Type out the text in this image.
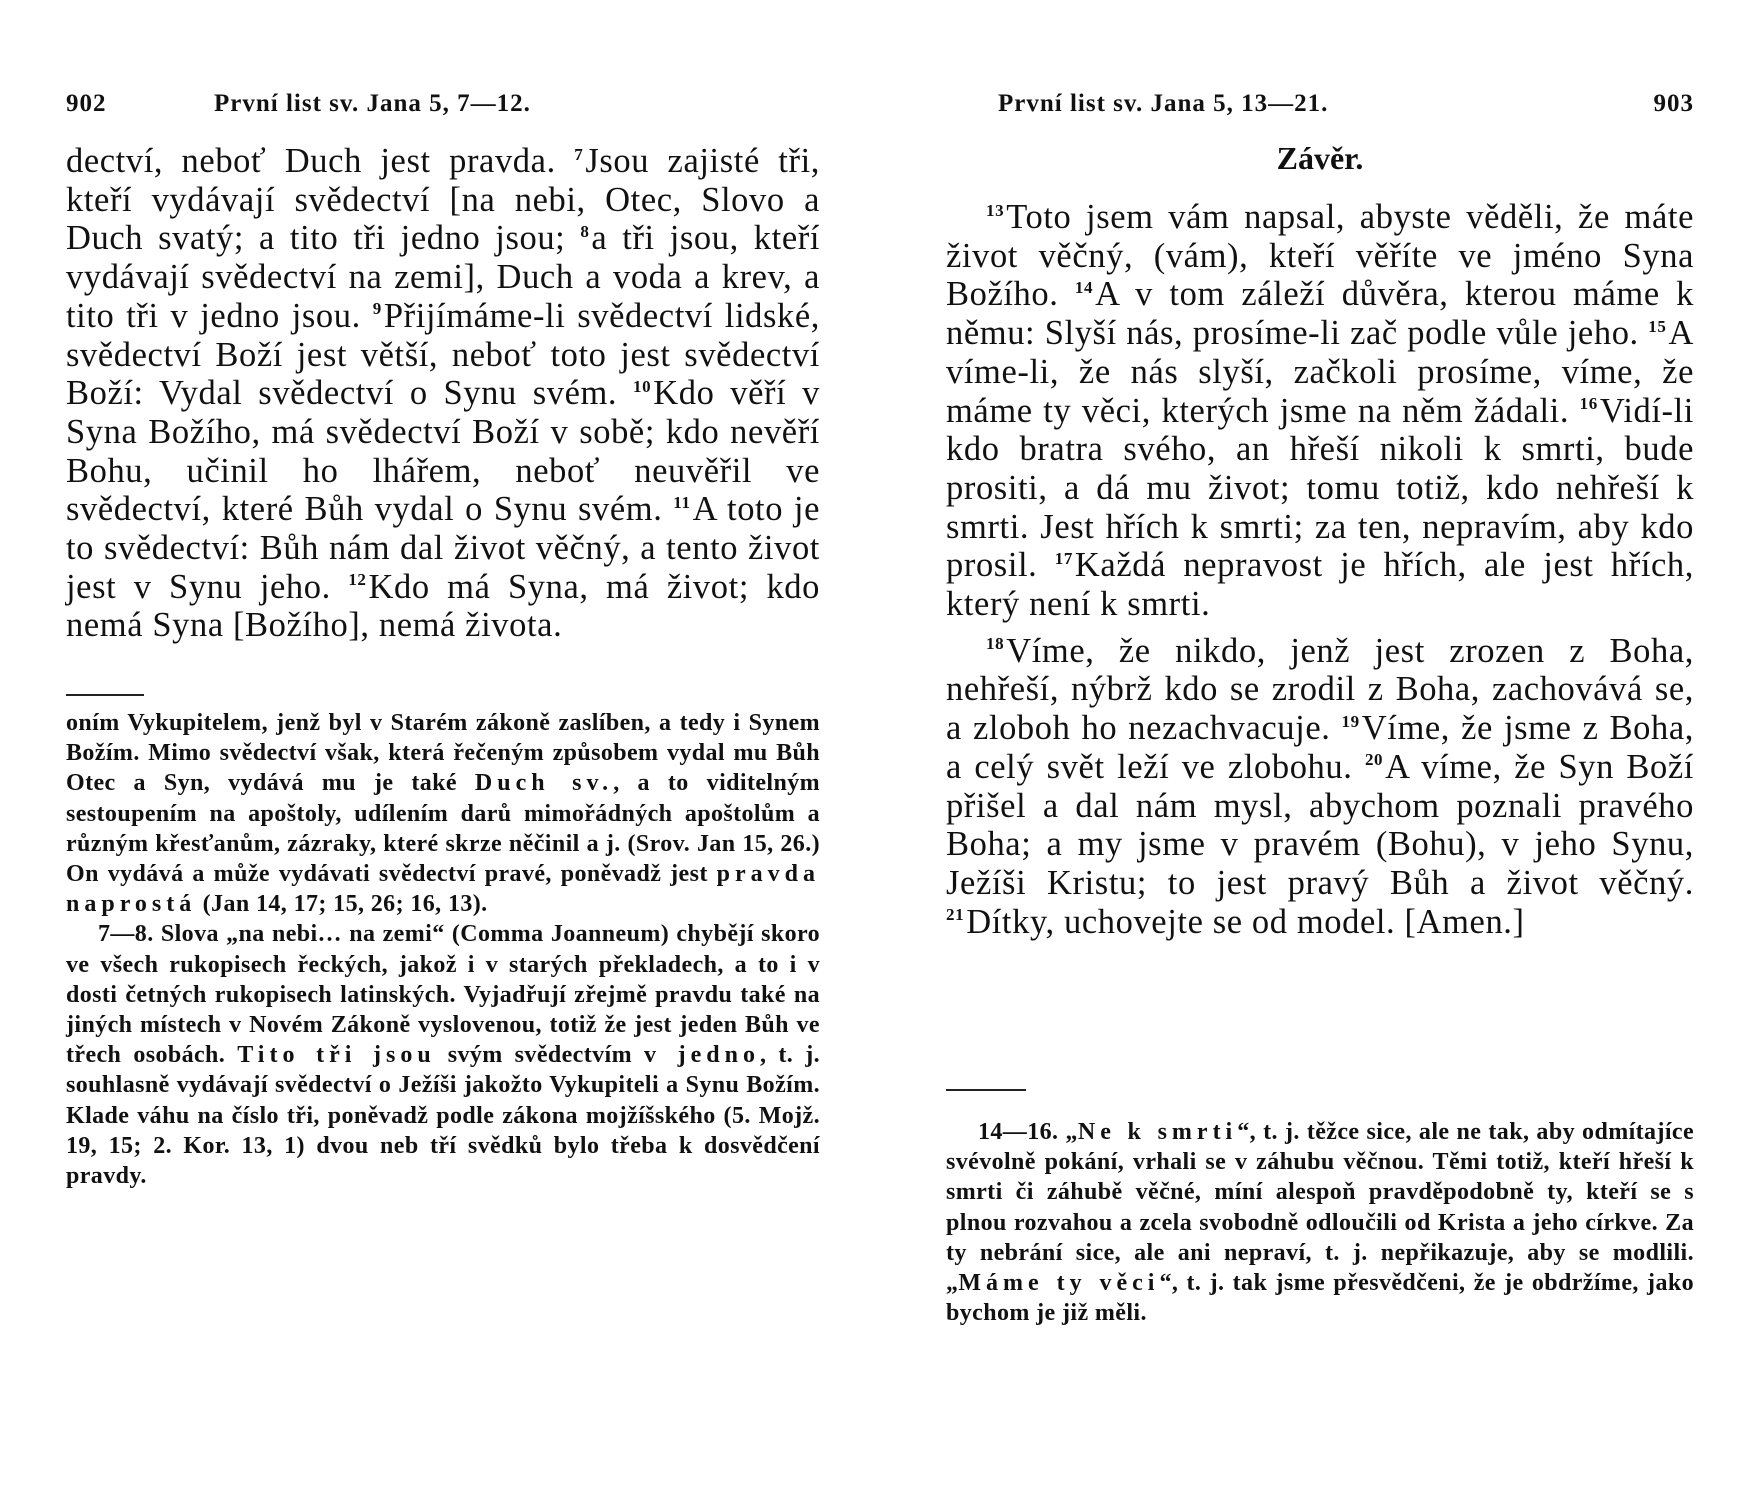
902	První list sv. Jana 5, 7—12.

dectví, neboť Duch jest pravda. $^7$Jsou zajisté tři, kteří vydávají svědectví [na nebi, Otec, Slovo a Duch svatý; a tito tři jedno jsou; $^8$a tři jsou, kteří vydávají svědectví na zemi], Duch a voda a krev, a tito tři v jedno jsou. $^9$Přijímáme-li svědectví lidské, svědectví Boží jest větší, neboť toto jest svědectví Boží: Vydal svědectví o Synu svém. $^{10}$Kdo věří v Syna Božího, má svědectví Boží v sobě; kdo nevěří Bohu, učinil ho lhářem, neboť neuvěřil ve svědectví, které Bůh vydal o Synu svém. $^{11}$A toto je to svědectví: Bůh nám dal život věčný, a tento život jest v Synu jeho. $^{12}$Kdo má Syna, má život; kdo nemá Syna [Božího], nemá života.

oním Vykupitelem, jenž byl v Starém zákoně zaslíben, a tedy i Synem Božím. Mimo svědectví však, která řečeným způsobem vydal mu Bůh Otec a Syn, vydává mu je také Duch sv., a to viditelným sestoupením na apoštoly, udílením darů mimořádných apoštolům a různým křesťanům, zázraky, které skrze něčinil a j. (Srov. Jan 15, 26.) On vydává a může vydávati svědectví pravé, poněvadž jest pravda naprostá (Jan 14, 17; 15, 26; 16, 13).

7—8. Slova „na nebi… na zemi“ (Comma Joanneum) chybějí skoro ve všech rukopisech řeckých, jakož i v starých překladech, a to i v dosti četných rukopisech latinských. Vyjadřují zřejmě pravdu také na jiných místech v Novém Zákoně vyslovenou, totiž že jest jeden Bůh ve třech osobách. Tito tři jsou svým svědectvím v jedno, t. j. souhlasně vydávají svědectví o Ježíši jakožto Vykupiteli a Synu Božím. Klade váhu na číslo tři, poněvadž podle zákona mojžíšského (5. Mojž. 19, 15; 2. Kor. 13, 1) dvou neb tří svědků bylo třeba k dosvědčení pravdy.

První list sv. Jana 5, 13—21.	903
Závěr.

$^{13}$Toto jsem vám napsal, abyste věděli, že máte život věčný, (vám), kteří věříte ve jméno Syna Božího. $^{14}$A v tom záleží důvěra, kterou máme k němu: Slyší nás, prosíme-li zač podle vůle jeho. $^{15}$A víme-li, že nás slyší, začkoli prosíme, víme, že máme ty věci, kterých jsme na něm žádali. $^{16}$Vidí-li kdo bratra svého, an hřeší nikoli k smrti, bude prositi, a dá mu život; tomu totiž, kdo nehřeší k smrti. Jest hřích k smrti; za ten, nepravím, aby kdo prosil. $^{17}$Každá nepravost je hřích, ale jest hřích, který není k smrti.

$^{18}$Víme, že nikdo, jenž jest zrozen z Boha, nehřeší, nýbrž kdo se zrodil z Boha, zachovává se, a zloboh ho nezachvacuje. $^{19}$Víme, že jsme z Boha, a celý svět leží ve zlobohu. $^{20}$A víme, že Syn Boží přišel a dal nám mysl, abychom poznali pravého Boha; a my jsme v pravém (Bohu), v jeho Synu, Ježíši Kristu; to jest pravý Bůh a život věčný. $^{21}$Dítky, uchovejte se od model. [Amen.]

14—16. „Ne k smrti“, t. j. těžce sice, ale ne tak, aby odmítajíce svévolně pokání, vrhali se v záhubu věčnou. Těmi totiž, kteří hřeší k smrti či záhubě věčné, míní alespoň pravděpodobně ty, kteří se s plnou rozvahou a zcela svobodně odloučili od Krista a jeho církve. Za ty nebrání sice, ale ani nepraví, t. j. nepřikazuje, aby se modlili. „Máme ty věci“, t. j. tak jsme přesvědčeni, že je obdržíme, jako bychom je již měli.
